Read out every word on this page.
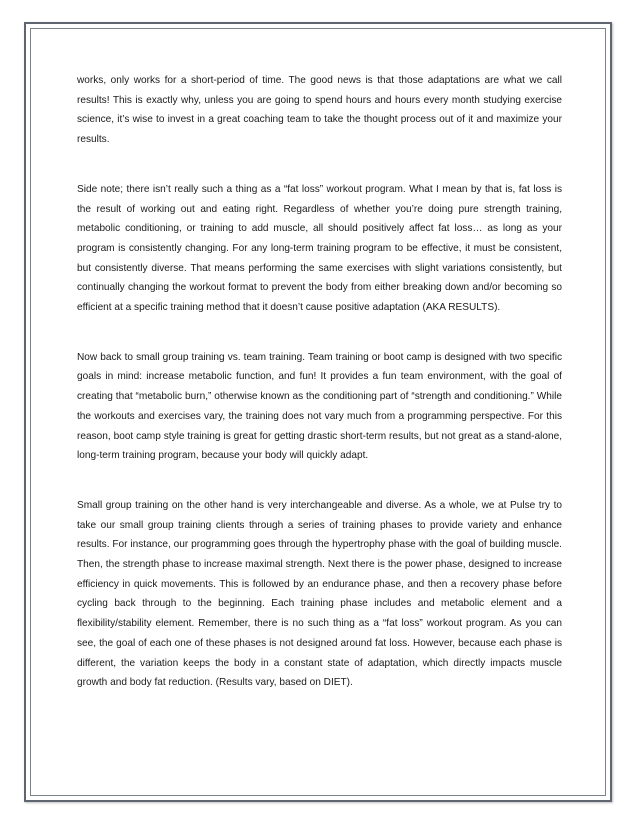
works, only works for a short-period of time. The good news is that those adaptations are what we call results! This is exactly why, unless you are going to spend hours and hours every month studying exercise science, it’s wise to invest in a great coaching team to take the thought process out of it and maximize your results.

Side note; there isn’t really such a thing as a “fat loss” workout program. What I mean by that is, fat loss is the result of working out and eating right. Regardless of whether you’re doing pure strength training, metabolic conditioning, or training to add muscle, all should positively affect fat loss… as long as your program is consistently changing. For any long-term training program to be effective, it must be consistent, but consistently diverse. That means performing the same exercises with slight variations consistently, but continually changing the workout format to prevent the body from either breaking down and/or becoming so efficient at a specific training method that it doesn’t cause positive adaptation (AKA RESULTS).

Now back to small group training vs. team training. Team training or boot camp is designed with two specific goals in mind: increase metabolic function, and fun! It provides a fun team environment, with the goal of creating that “metabolic burn,” otherwise known as the conditioning part of “strength and conditioning.” While the workouts and exercises vary, the training does not vary much from a programming perspective. For this reason, boot camp style training is great for getting drastic short-term results, but not great as a stand-alone, long-term training program, because your body will quickly adapt.

Small group training on the other hand is very interchangeable and diverse. As a whole, we at Pulse try to take our small group training clients through a series of training phases to provide variety and enhance results. For instance, our programming goes through the hypertrophy phase with the goal of building muscle. Then, the strength phase to increase maximal strength. Next there is the power phase, designed to increase efficiency in quick movements. This is followed by an endurance phase, and then a recovery phase before cycling back through to the beginning. Each training phase includes and metabolic element and a flexibility/stability element. Remember, there is no such thing as a “fat loss” workout program. As you can see, the goal of each one of these phases is not designed around fat loss. However, because each phase is different, the variation keeps the body in a constant state of adaptation, which directly impacts muscle growth and body fat reduction. (Results vary, based on DIET).
